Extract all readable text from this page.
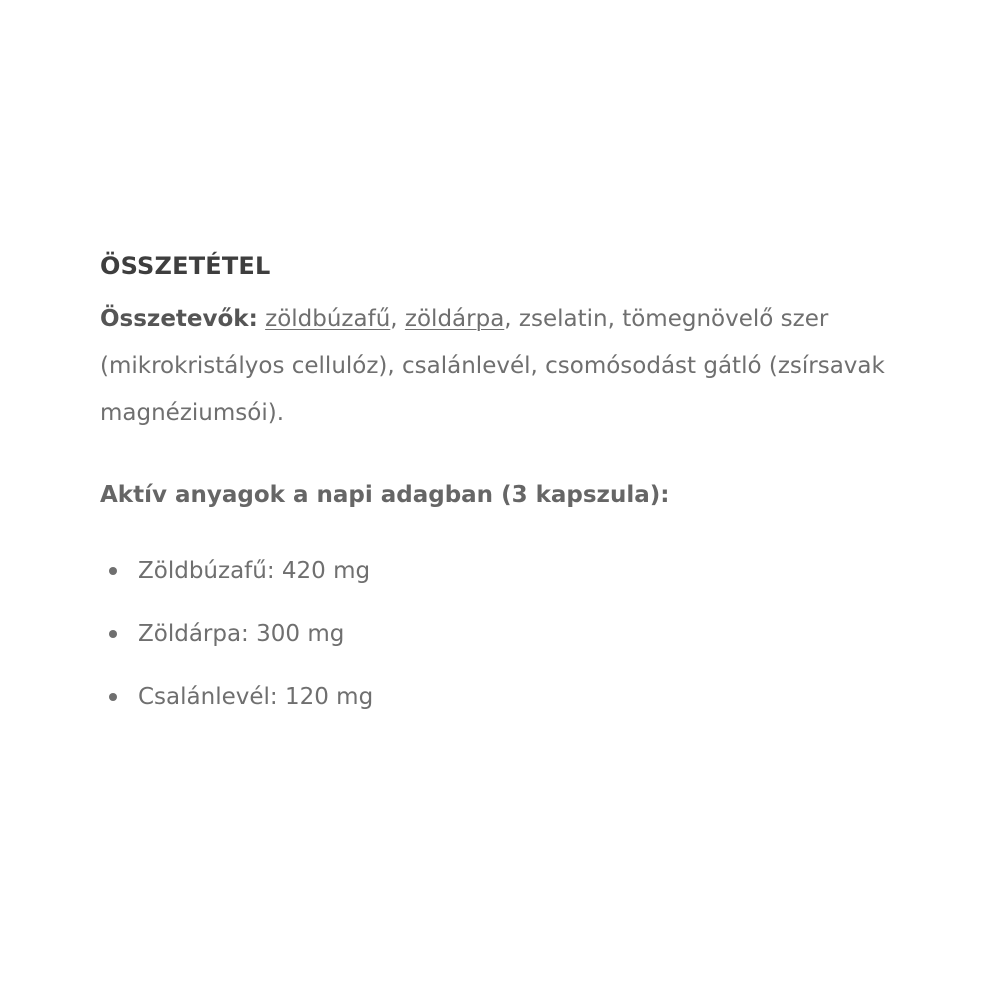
ÖSSZETÉTEL

Összetevők: zöldbúzafű, zöldárpa, zselatin, tömegnövelő szer (mikrokristályos cellulóz), csalánlevél, csomósodást gátló (zsírsavak magnéziumsói).

Aktív anyagok a napi adagban (3 kapszula):
Zöldbúzafű: 420 mg
Zöldárpa: 300 mg
Csalánlevél: 120 mg
